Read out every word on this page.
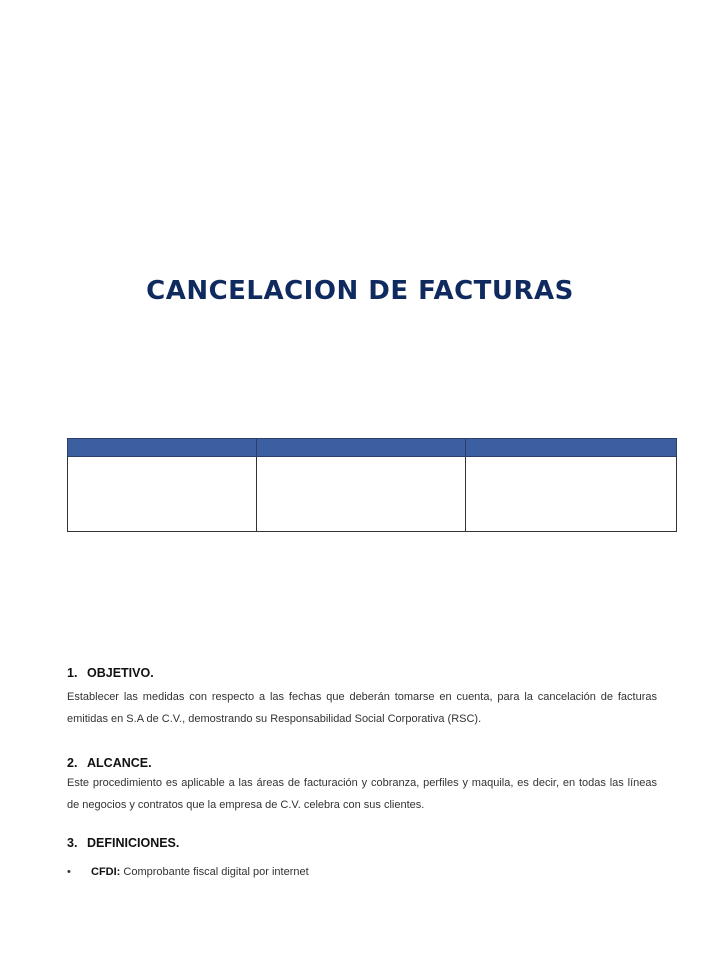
CANCELACION DE FACTURAS

1. OBJETIVO.
Establecer las medidas con respecto a las fechas que deberán tomarse en cuenta, para la cancelación de facturas emitidas en S.A de C.V., demostrando su Responsabilidad Social Corporativa (RSC).
2. ALCANCE.
Este procedimiento es aplicable a las áreas de facturación y cobranza, perfiles y maquila, es decir, en todas las líneas de negocios y contratos que la empresa de C.V. celebra con sus clientes.
3. DEFINICIONES.
• CFDI: Comprobante fiscal digital por internet
